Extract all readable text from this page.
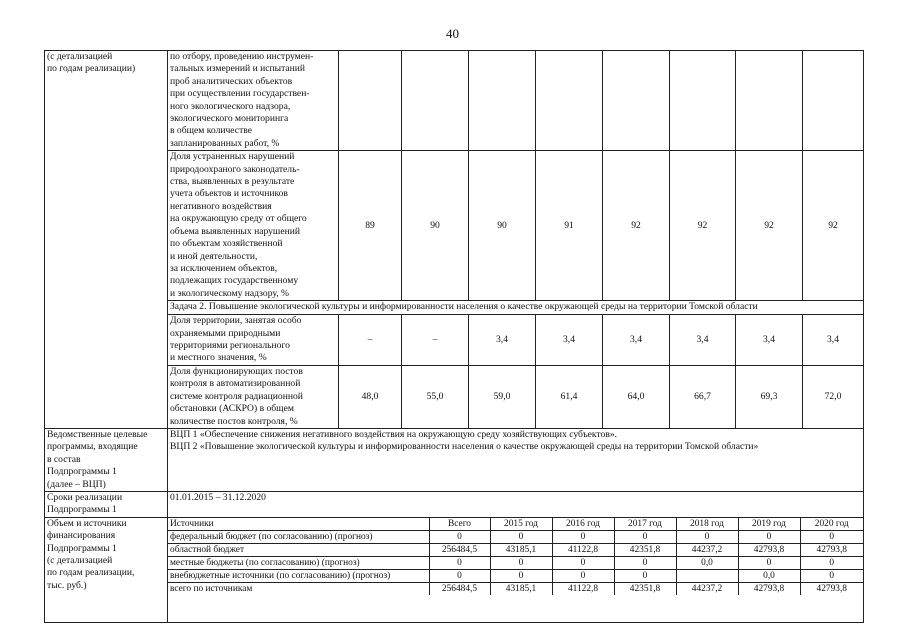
40
(с детализацией
по годам реализации)	по отбору, проведению инструмен-
тальных измерений и испытаний
проб аналитических объектов
при осуществлении государствен-
ного экологического надзора,
экологического мониторинга
в общем количестве
запланированных работ, %								
Доля устраненных нарушений
природоохраного законодатель-
ства, выявленных в результате
учета объектов и источников
негативного воздействия
на окружающую среду от общего
объема выявленных нарушений
по объектам хозяйственной
и иной деятельности,
за исключением объектов,
подлежащих государственному
и экологическому надзору, %	89	90	90	91	92	92	92	92
Задача 2. Повышение экологической культуры и информированности населения о качестве окружающей среды на территории Томской области
Доля территории, занятая особо
охраняемыми природными
территориями регионального
и местного значения, %	–	–	3,4	3,4	3,4	3,4	3,4	3,4
Доля функционирующих постов
контроля в автоматизированной
системе контроля радиационной
обстановки (АСКРО) в общем
количестве постов контроля, %	48,0	55,0	59,0	61,4	64,0	66,7	69,3	72,0
Ведомственные целевые
программы, входящие
в состав
Подпрограммы 1
(далее – ВЦП)	ВЦП 1 «Обеспечение снижения негативного воздействия на окружающую среду хозяйствующих субъектов».
ВЦП 2 «Повышение экологической культуры и информированности населения о качестве окружающей среды на территории Томской области»
Сроки реализации
Подпрограммы 1	01.01.2015 – 31.12.2020
Объем и источники
финансирования
Подпрограммы 1
(с детализацией
по годам реализации,
тыс. руб.)	
Источники	Всего	2015 год	2016 год	2017 год	2018 год	2019 год	2020 год
федеральный бюджет (по согласованию) (прогноз)	0	0	0	0	0	0	0
областной бюджет	256484,5	43185,1	41122,8	42351,8	44237,2	42793,8	42793,8
местные бюджеты (по согласованию) (прогноз)	0	0	0	0	0,0	0	0
внебюджетные источники (по согласованию) (прогноз)	0	0	0	0		0,0	0
всего по источникам	256484,5	43185,1	41122,8	42351,8	44237,2	42793,8	42793,8
